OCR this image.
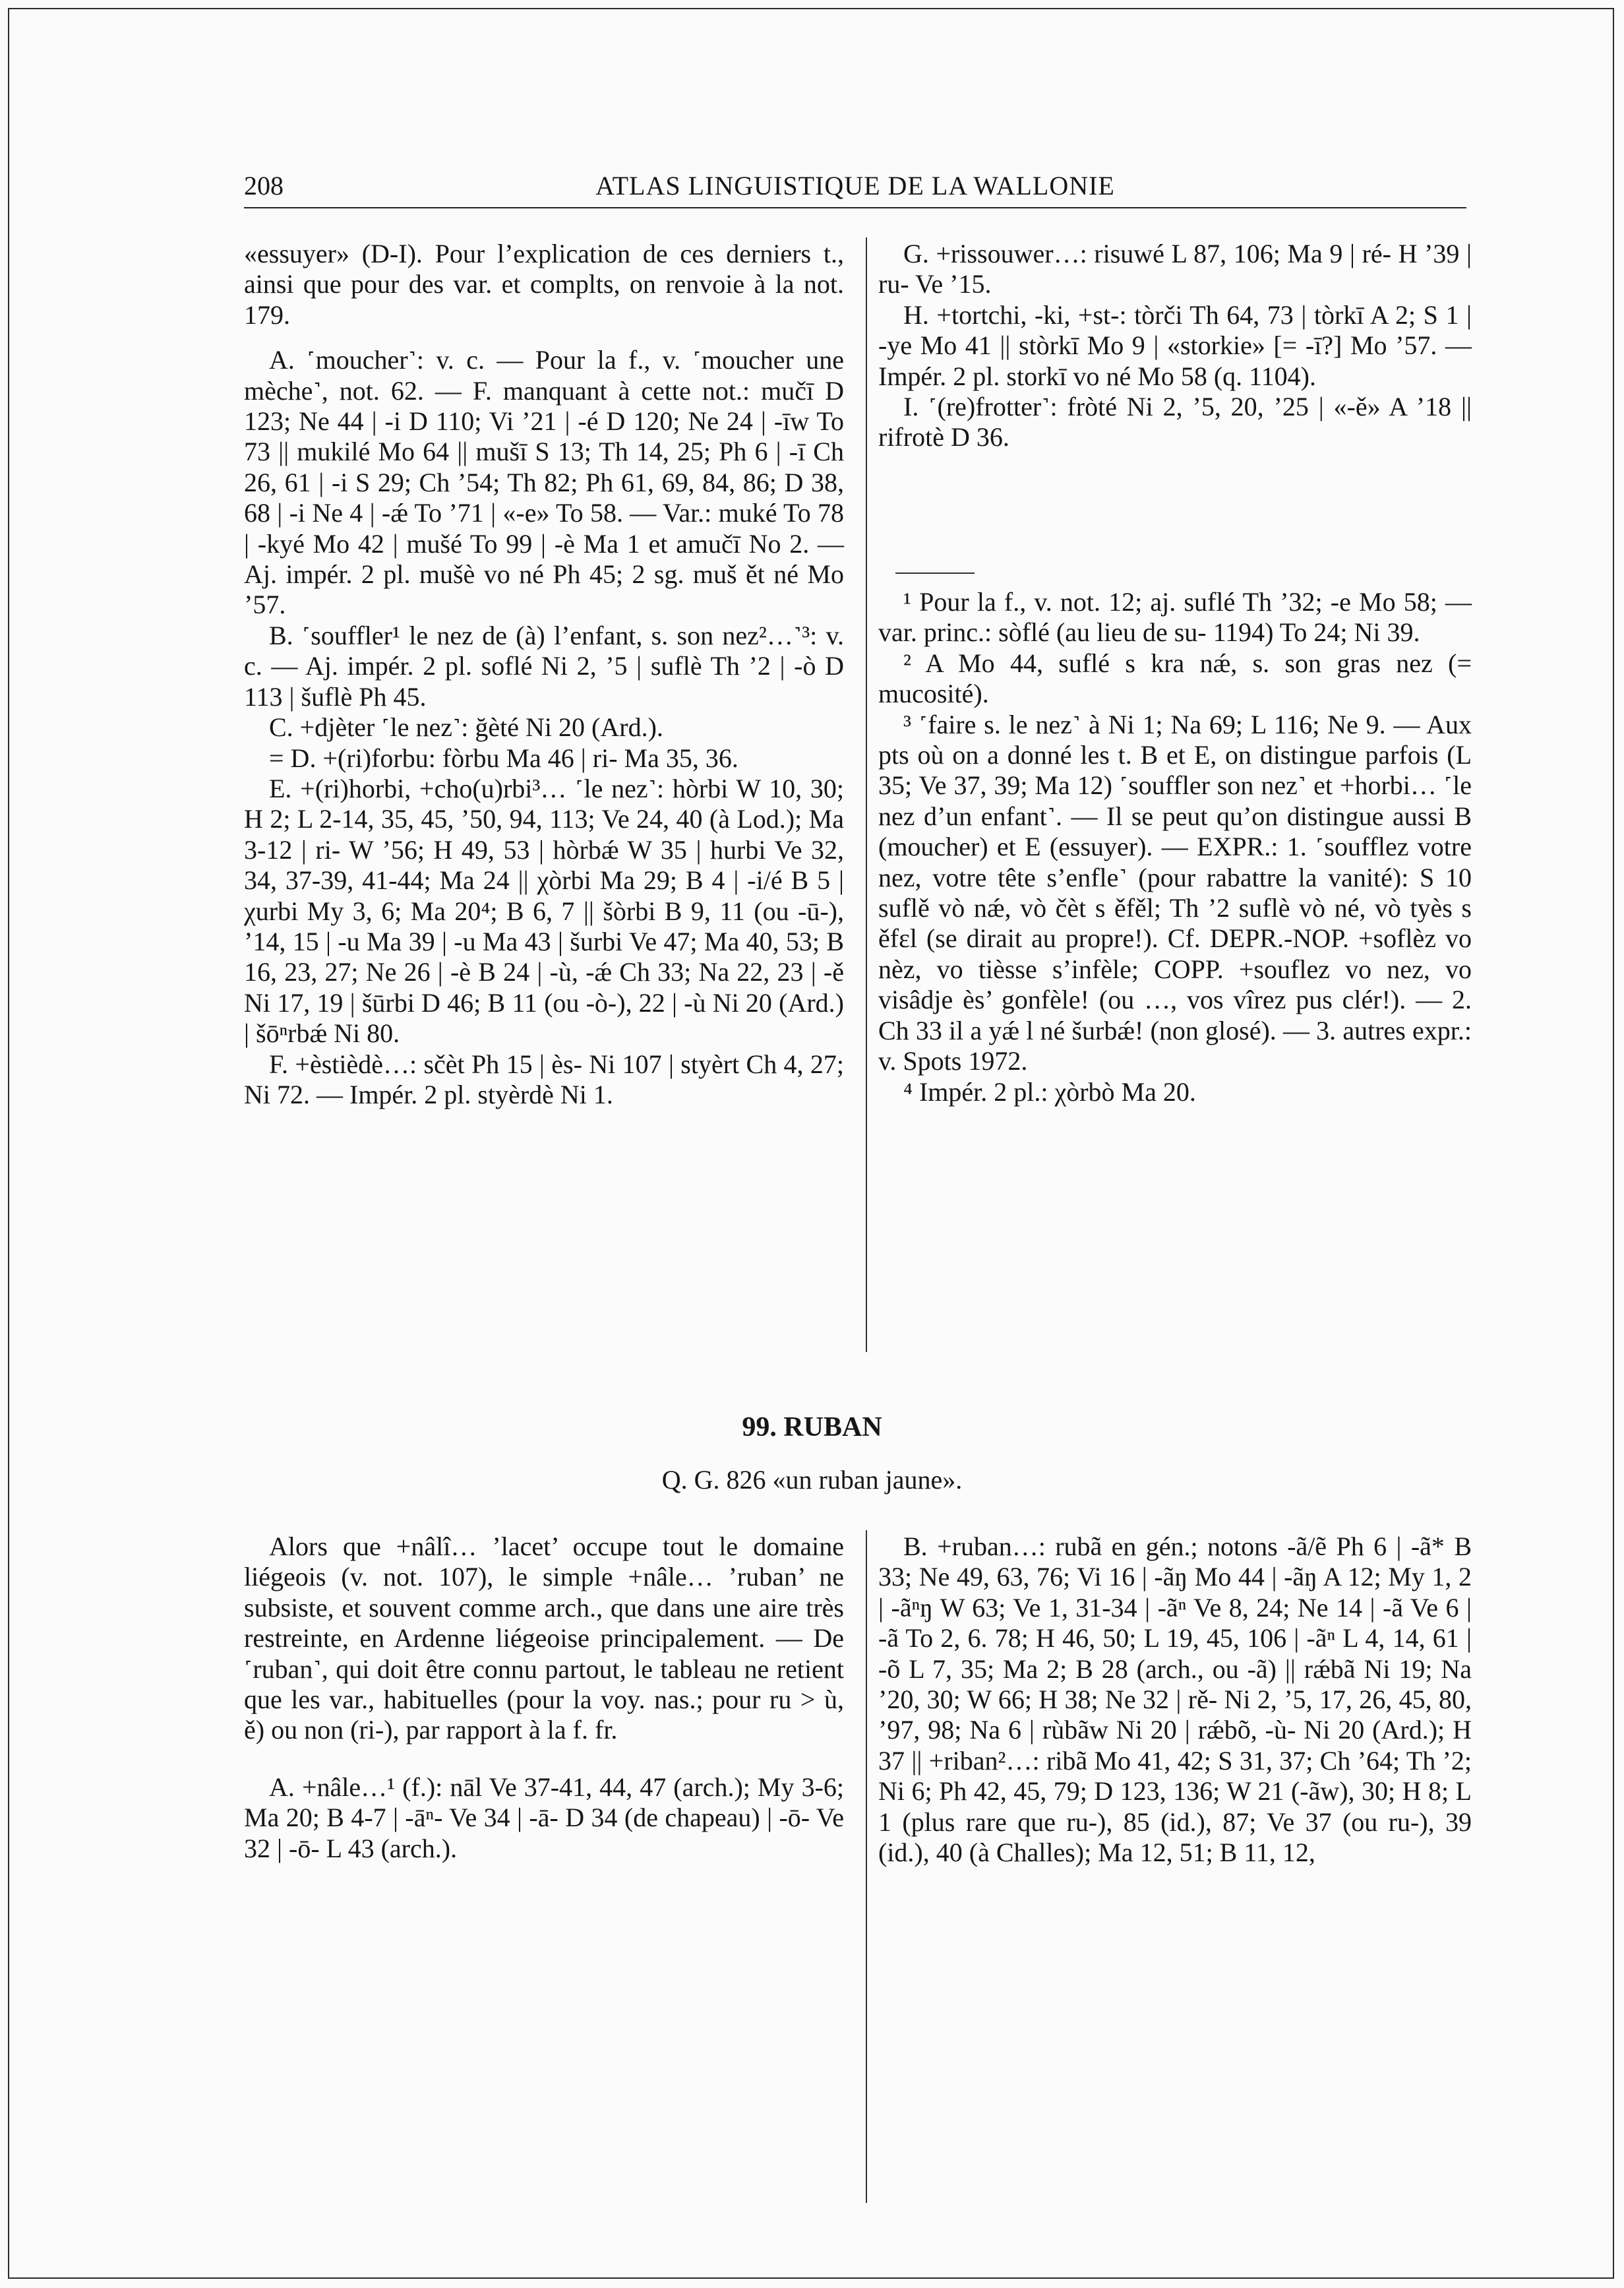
208	ATLAS LINGUISTIQUE DE LA WALLONIE

«essuyer» (D-I). Pour l’explication de ces derniers t., ainsi que pour des var. et complts, on renvoie à la not. 179.

A. ˹moucher˺: v. c. — Pour la f., v. ˹moucher une mèche˺, not. 62. — F. manquant à cette not.: mučī D 123; Ne 44 | -i D 110; Vi ’21 | -é D 120; Ne 24 | -īw To 73 || mukilé Mo 64 || mušī S 13; Th 14, 25; Ph 6 | -ī Ch 26, 61 | -i S 29; Ch ’54; Th 82; Ph 61, 69, 84, 86; D 38, 68 | -i Ne 4 | -ǽ To ’71 | «-e» To 58. — Var.: muké To 78 | -kyé Mo 42 | mušé To 99 | -è Ma 1 et amučī No 2. — Aj. impér. 2 pl. mušè vo né Ph 45; 2 sg. muš ět né Mo ’57.

B. ˹souffler¹ le nez de (à) l’enfant, s. son nez²…˺³: v. c. — Aj. impér. 2 pl. soflé Ni 2, ’5 | suflè Th ’2 | -ò D 113 | šuflè Ph 45.

C. +djèter ˹le nez˺: ğèté Ni 20 (Ard.).

= D. +(ri)forbu: fòrbu Ma 46 | ri- Ma 35, 36.

E. +(ri)horbi, +cho(u)rbi³… ˹le nez˺: hòrbi W 10, 30; H 2; L 2-14, 35, 45, ’50, 94, 113; Ve 24, 40 (à Lod.); Ma 3-12 | ri- W ’56; H 49, 53 | hòrbǽ W 35 | hurbi Ve 32, 34, 37-39, 41-44; Ma 24 || χòrbi Ma 29; B 4 | -i/é B 5 | χurbi My 3, 6; Ma 20⁴; B 6, 7 || šòrbi B 9, 11 (ou -ū-), ’14, 15 | -u Ma 39 | -u Ma 43 | šurbi Ve 47; Ma 40, 53; B 16, 23, 27; Ne 26 | -è B 24 | -ù, -ǽ Ch 33; Na 22, 23 | -ě Ni 17, 19 | šūrbi D 46; B 11 (ou -ò-), 22 | -ù Ni 20 (Ard.) | šōⁿrbǽ Ni 80.

F. +èstièdè…: sčèt Ph 15 | ès- Ni 107 | styèrt Ch 4, 27; Ni 72. — Impér. 2 pl. styèrdè Ni 1.

G. +rissouwer…: risuwé L 87, 106; Ma 9 | ré- H ’39 | ru- Ve ’15.

H. +tortchi, -ki, +st-: tòrči Th 64, 73 | tòrkī A 2; S 1 | -ye Mo 41 || stòrkī Mo 9 | «storkie» [= -ī?] Mo ’57. — Impér. 2 pl. storkī vo né Mo 58 (q. 1104).

I. ˹(re)frotter˺: fròté Ni 2, ’5, 20, ’25 | «-ě» A ’18 || rifrotè D 36.

¹ Pour la f., v. not. 12; aj. suflé Th ’32; -e Mo 58; — var. princ.: sòflé (au lieu de su- 1194) To 24; Ni 39.

² A Mo 44, suflé s kra nǽ, s. son gras nez (= mucosité).

³ ˹faire s. le nez˺ à Ni 1; Na 69; L 116; Ne 9. — Aux pts où on a donné les t. B et E, on distingue parfois (L 35; Ve 37, 39; Ma 12) ˹souffler son nez˺ et +horbi… ˹le nez d’un enfant˺. — Il se peut qu’on distingue aussi B (moucher) et E (essuyer). — EXPR.: 1. ˹soufflez votre nez, votre tête s’enfle˺ (pour rabattre la vanité): S 10 suflě vò nǽ, vò čèt s ěfěl; Th ’2 suflè vò né, vò tyès s ěfɛl (se dirait au propre!). Cf. DEPR.-NOP. +soflèz vo nèz, vo tièsse s’infèle; COPP. +souflez vo nez, vo visâdje ès’ gonfèle! (ou …, vos vîrez pus clér!). — 2. Ch 33 il a yǽ l né šurbǽ! (non glosé). — 3. autres expr.: v. Spots 1972.

⁴ Impér. 2 pl.: χòrbò Ma 20.

99. RUBAN
Q. G. 826 «un ruban jaune».

Alors que +nâlî… ’lacet’ occupe tout le domaine liégeois (v. not. 107), le simple +nâle… ’ruban’ ne subsiste, et souvent comme arch., que dans une aire très restreinte, en Ardenne liégeoise principalement. — De ˹ruban˺, qui doit être connu partout, le tableau ne retient que les var., habituelles (pour la voy. nas.; pour ru > ù, ě) ou non (ri-), par rapport à la f. fr.

A. +nâle…¹ (f.): nāl Ve 37-41, 44, 47 (arch.); My 3-6; Ma 20; B 4-7 | -āⁿ- Ve 34 | -ā- D 34 (de chapeau) | -ō- Ve 32 | -ō- L 43 (arch.).

B. +ruban…: rubã en gén.; notons -ã/ẽ Ph 6 | -ã* B 33; Ne 49, 63, 76; Vi 16 | -ãŋ Mo 44 | -ãŋ A 12; My 1, 2 | -ãⁿŋ W 63; Ve 1, 31-34 | -ãⁿ Ve 8, 24; Ne 14 | -ã Ve 6 | -ã To 2, 6. 78; H 46, 50; L 19, 45, 106 | -ãⁿ L 4, 14, 61 | -õ L 7, 35; Ma 2; B 28 (arch., ou -ã) || rǽbã Ni 19; Na ’20, 30; W 66; H 38; Ne 32 | rě- Ni 2, ’5, 17, 26, 45, 80, ’97, 98; Na 6 | rùbãw Ni 20 | rǽbõ, -ù- Ni 20 (Ard.); H 37 || +riban²…: ribã Mo 41, 42; S 31, 37; Ch ’64; Th ’2; Ni 6; Ph 42, 45, 79; D 123, 136; W 21 (-ãw), 30; H 8; L 1 (plus rare que ru-), 85 (id.), 87; Ve 37 (ou ru-), 39 (id.), 40 (à Challes); Ma 12, 51; B 11, 12,
